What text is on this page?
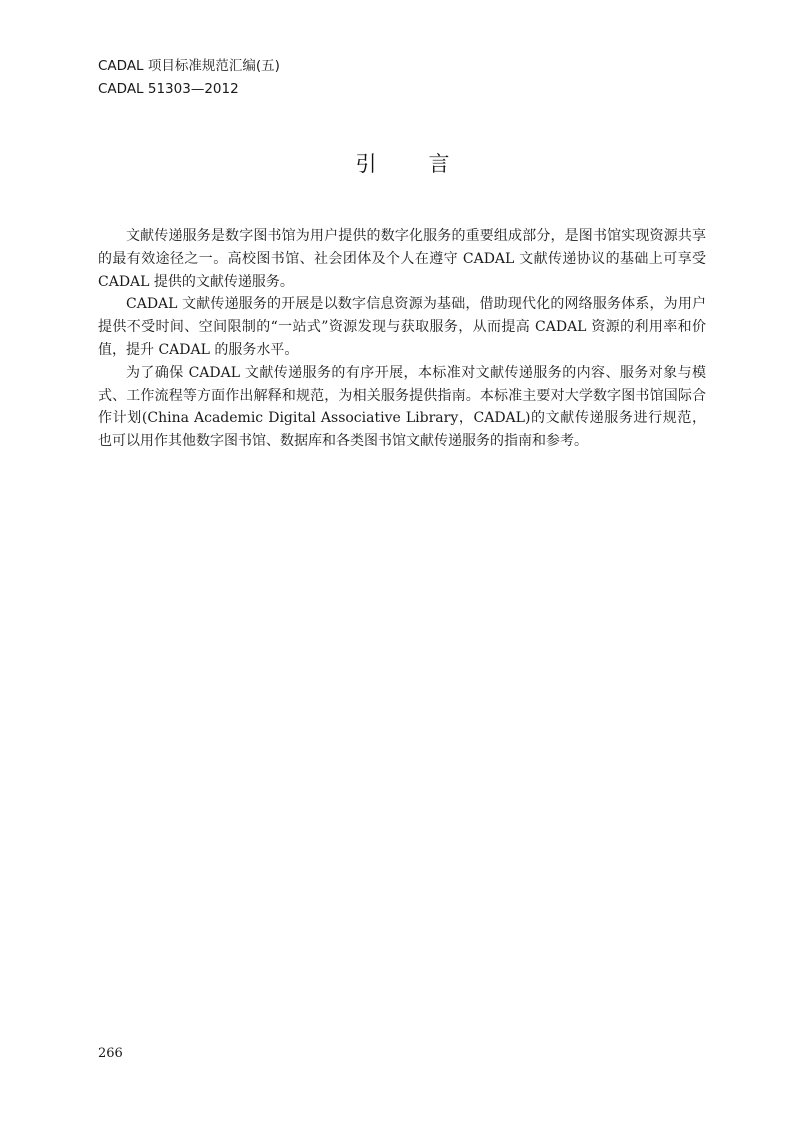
CADAL 项目标准规范汇编(五)
CADAL 51303—2012
引言

文献传递服务是数字图书馆为用户提供的数字化服务的重要组成部分，是图书馆实现资源共享的最有效途径之一。高校图书馆、社会团体及个人在遵守 CADAL 文献传递协议的基础上可享受 CADAL 提供的文献传递服务。

CADAL 文献传递服务的开展是以数字信息资源为基础，借助现代化的网络服务体系，为用户提供不受时间、空间限制的“一站式”资源发现与获取服务，从而提高 CADAL 资源的利用率和价值，提升 CADAL 的服务水平。

为了确保 CADAL 文献传递服务的有序开展，本标准对文献传递服务的内容、服务对象与模式、工作流程等方面作出解释和规范，为相关服务提供指南。本标准主要对大学数字图书馆国际合作计划(China Academic Digital Associative Library，CADAL)的文献传递服务进行规范，也可以用作其他数字图书馆、数据库和各类图书馆文献传递服务的指南和参考。

266
